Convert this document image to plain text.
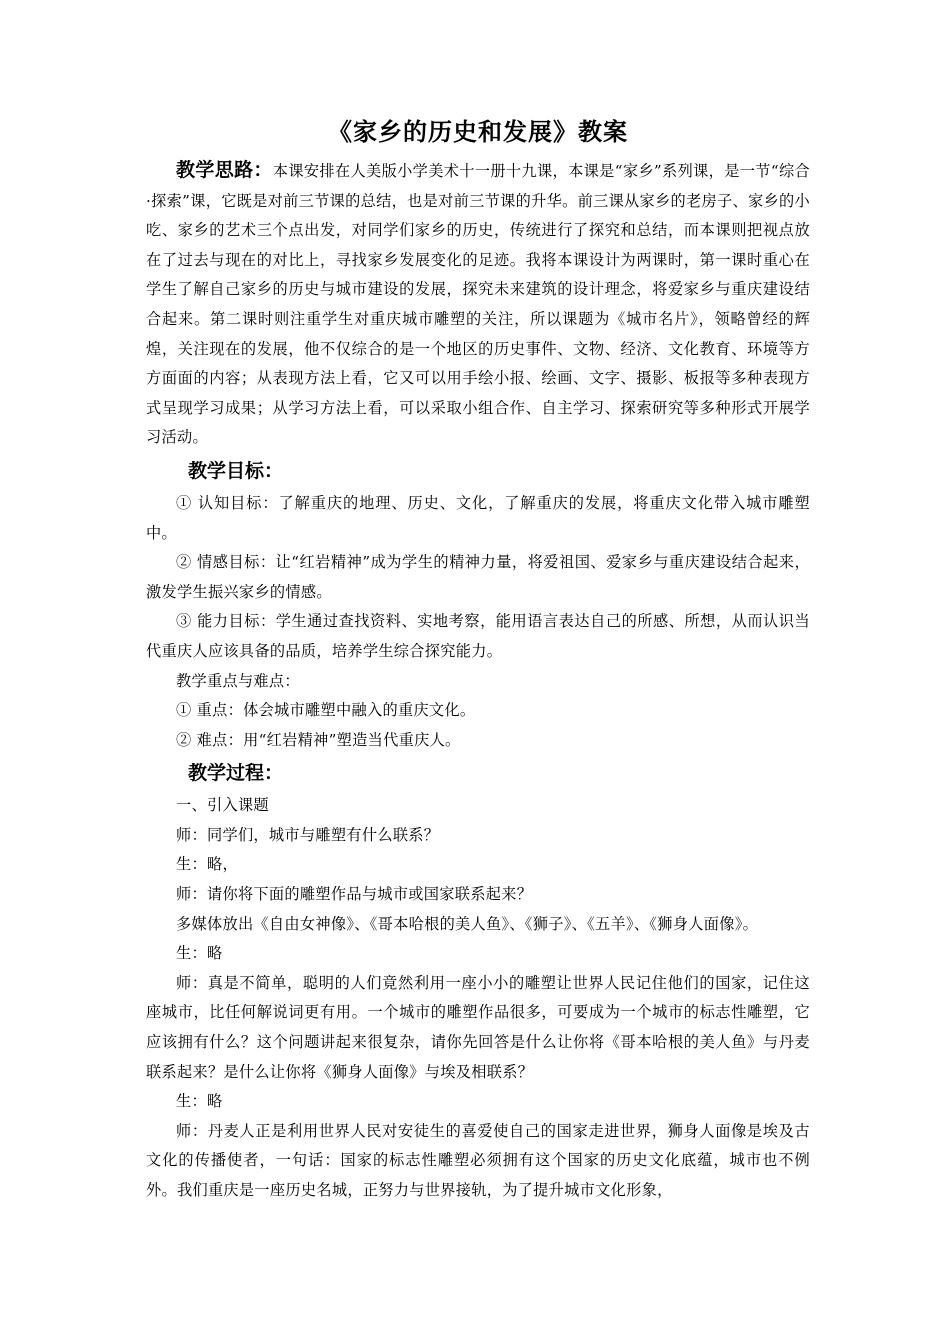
《家乡的历史和发展》教案

教学思路：本课安排在人美版小学美术十一册十九课，本课是“家乡”系列课，是一节“综合·探索”课，它既是对前三节课的总结，也是对前三节课的升华。前三课从家乡的老房子、家乡的小吃、家乡的艺术三个点出发，对同学们家乡的历史，传统进行了探究和总结，而本课则把视点放在了过去与现在的对比上，寻找家乡发展变化的足迹。我将本课设计为两课时，第一课时重心在学生了解自己家乡的历史与城市建设的发展，探究未来建筑的设计理念，将爱家乡与重庆建设结合起来。第二课时则注重学生对重庆城市雕塑的关注，所以课题为《城市名片》，领略曾经的辉煌，关注现在的发展，他不仅综合的是一个地区的历史事件、文物、经济、文化教育、环境等方方面面的内容；从表现方法上看，它又可以用手绘小报、绘画、文字、摄影、板报等多种表现方式呈现学习成果；从学习方法上看，可以采取小组合作、自主学习、探索研究等多种形式开展学习活动。

教学目标：

① 认知目标：了解重庆的地理、历史、文化，了解重庆的发展，将重庆文化带入城市雕塑中。

② 情感目标：让“红岩精神”成为学生的精神力量，将爱祖国、爱家乡与重庆建设结合起来，激发学生振兴家乡的情感。

③ 能力目标：学生通过查找资料、实地考察，能用语言表达自己的所感、所想，从而认识当代重庆人应该具备的品质，培养学生综合探究能力。

教学重点与难点：

① 重点：体会城市雕塑中融入的重庆文化。

② 难点：用“红岩精神”塑造当代重庆人。

教学过程：

一、引入课题

师：同学们，城市与雕塑有什么联系？

生：略，

师：请你将下面的雕塑作品与城市或国家联系起来？

多媒体放出《自由女神像》、《哥本哈根的美人鱼》、《狮子》、《五羊》、《狮身人面像》。

生：略

师：真是不简单，聪明的人们竟然利用一座小小的雕塑让世界人民记住他们的国家，记住这座城市，比任何解说词更有用。一个城市的雕塑作品很多，可要成为一个城市的标志性雕塑，它应该拥有什么？这个问题讲起来很复杂，请你先回答是什么让你将《哥本哈根的美人鱼》与丹麦联系起来？是什么让你将《狮身人面像》与埃及相联系？

生：略

师：丹麦人正是利用世界人民对安徒生的喜爱使自己的国家走进世界，狮身人面像是埃及古文化的传播使者，一句话：国家的标志性雕塑必须拥有这个国家的历史文化底蕴，城市也不例外。我们重庆是一座历史名城，正努力与世界接轨，为了提升城市文化形象，
